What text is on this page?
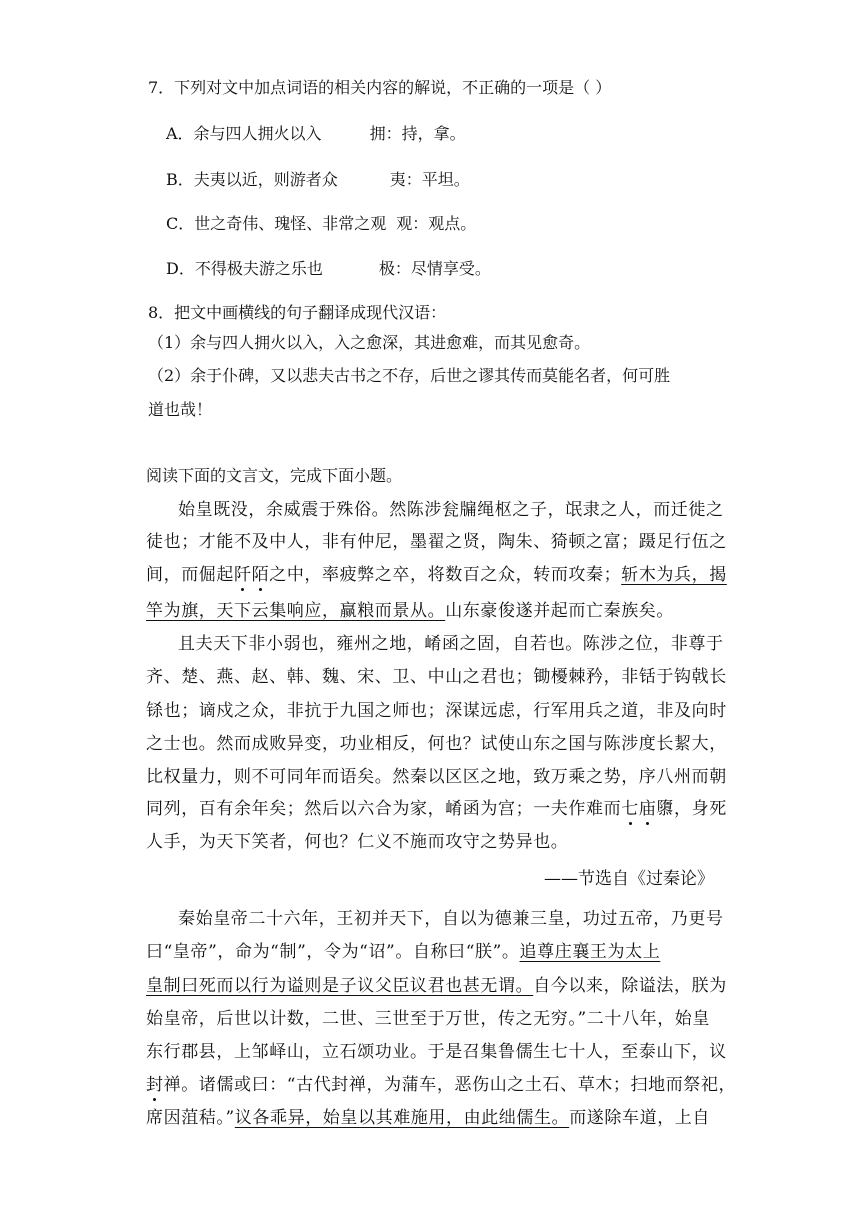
7．下列对文中加点词语的相关内容的解说，不正确的一项是（ ）
A．余与四人拥火以入	拥：持，拿。
B．夫夷以近，则游者众	夷：平坦。
C．世之奇伟、瑰怪、非常之观 观：观点。
D．不得极夫游之乐也	极：尽情享受。
8．把文中画横线的句子翻译成现代汉语：
（1）余与四人拥火以入，入之愈深，其进愈难，而其见愈奇。
（2）余于仆碑，又以悲夫古书之不存，后世之谬其传而莫能名者，何可胜
道也哉！
阅读下面的文言文，完成下面小题。
始皇既没，余威震于殊俗。然陈涉瓮牖绳枢之子，氓隶之人，而迁徙之
徒也；才能不及中人，非有仲尼，墨翟之贤，陶朱、猗顿之富；蹑足行伍之
间，而倔起阡陌之中，率疲弊之卒，将数百之众，转而攻秦；斩木为兵，揭
竿为旗，天下云集响应，赢粮而景从。山东豪俊遂并起而亡秦族矣。
且夫天下非小弱也，雍州之地，崤函之固，自若也。陈涉之位，非尊于
齐、楚、燕、赵、韩、魏、宋、卫、中山之君也；锄櫌棘矜，非铦于钩戟长
铩也；谪戍之众，非抗于九国之师也；深谋远虑，行军用兵之道，非及向时
之士也。然而成败异变，功业相反，何也？试使山东之国与陈涉度长絜大，
比权量力，则不可同年而语矣。然秦以区区之地，致万乘之势，序八州而朝
同列，百有余年矣；然后以六合为家，崤函为宫；一夫作难而七庙隳，身死
人手，为天下笑者，何也？仁义不施而攻守之势异也。
秦始皇帝二十六年，王初并天下，自以为德兼三皇，功过五帝，乃更号
曰“皇帝”，命为“制”，令为“诏”。自称曰“朕”。追尊庄襄王为太上
皇制曰死而以行为谥则是子议父臣议君也甚无谓。自今以来，除谥法，朕为
始皇帝，后世以计数，二世、三世至于万世，传之无穷。”二十八年，始皇
东行郡县，上邹峄山，立石颂功业。于是召集鲁儒生七十人，至泰山下，议
封禅。诸儒或曰：“古代封禅，为蒲车，恶伤山之土石、草木；扫地而祭祀，
席因菹秸。”议各乖异，始皇以其难施用，由此绌儒生。而遂除车道，上自
——节选自《过秦论》
